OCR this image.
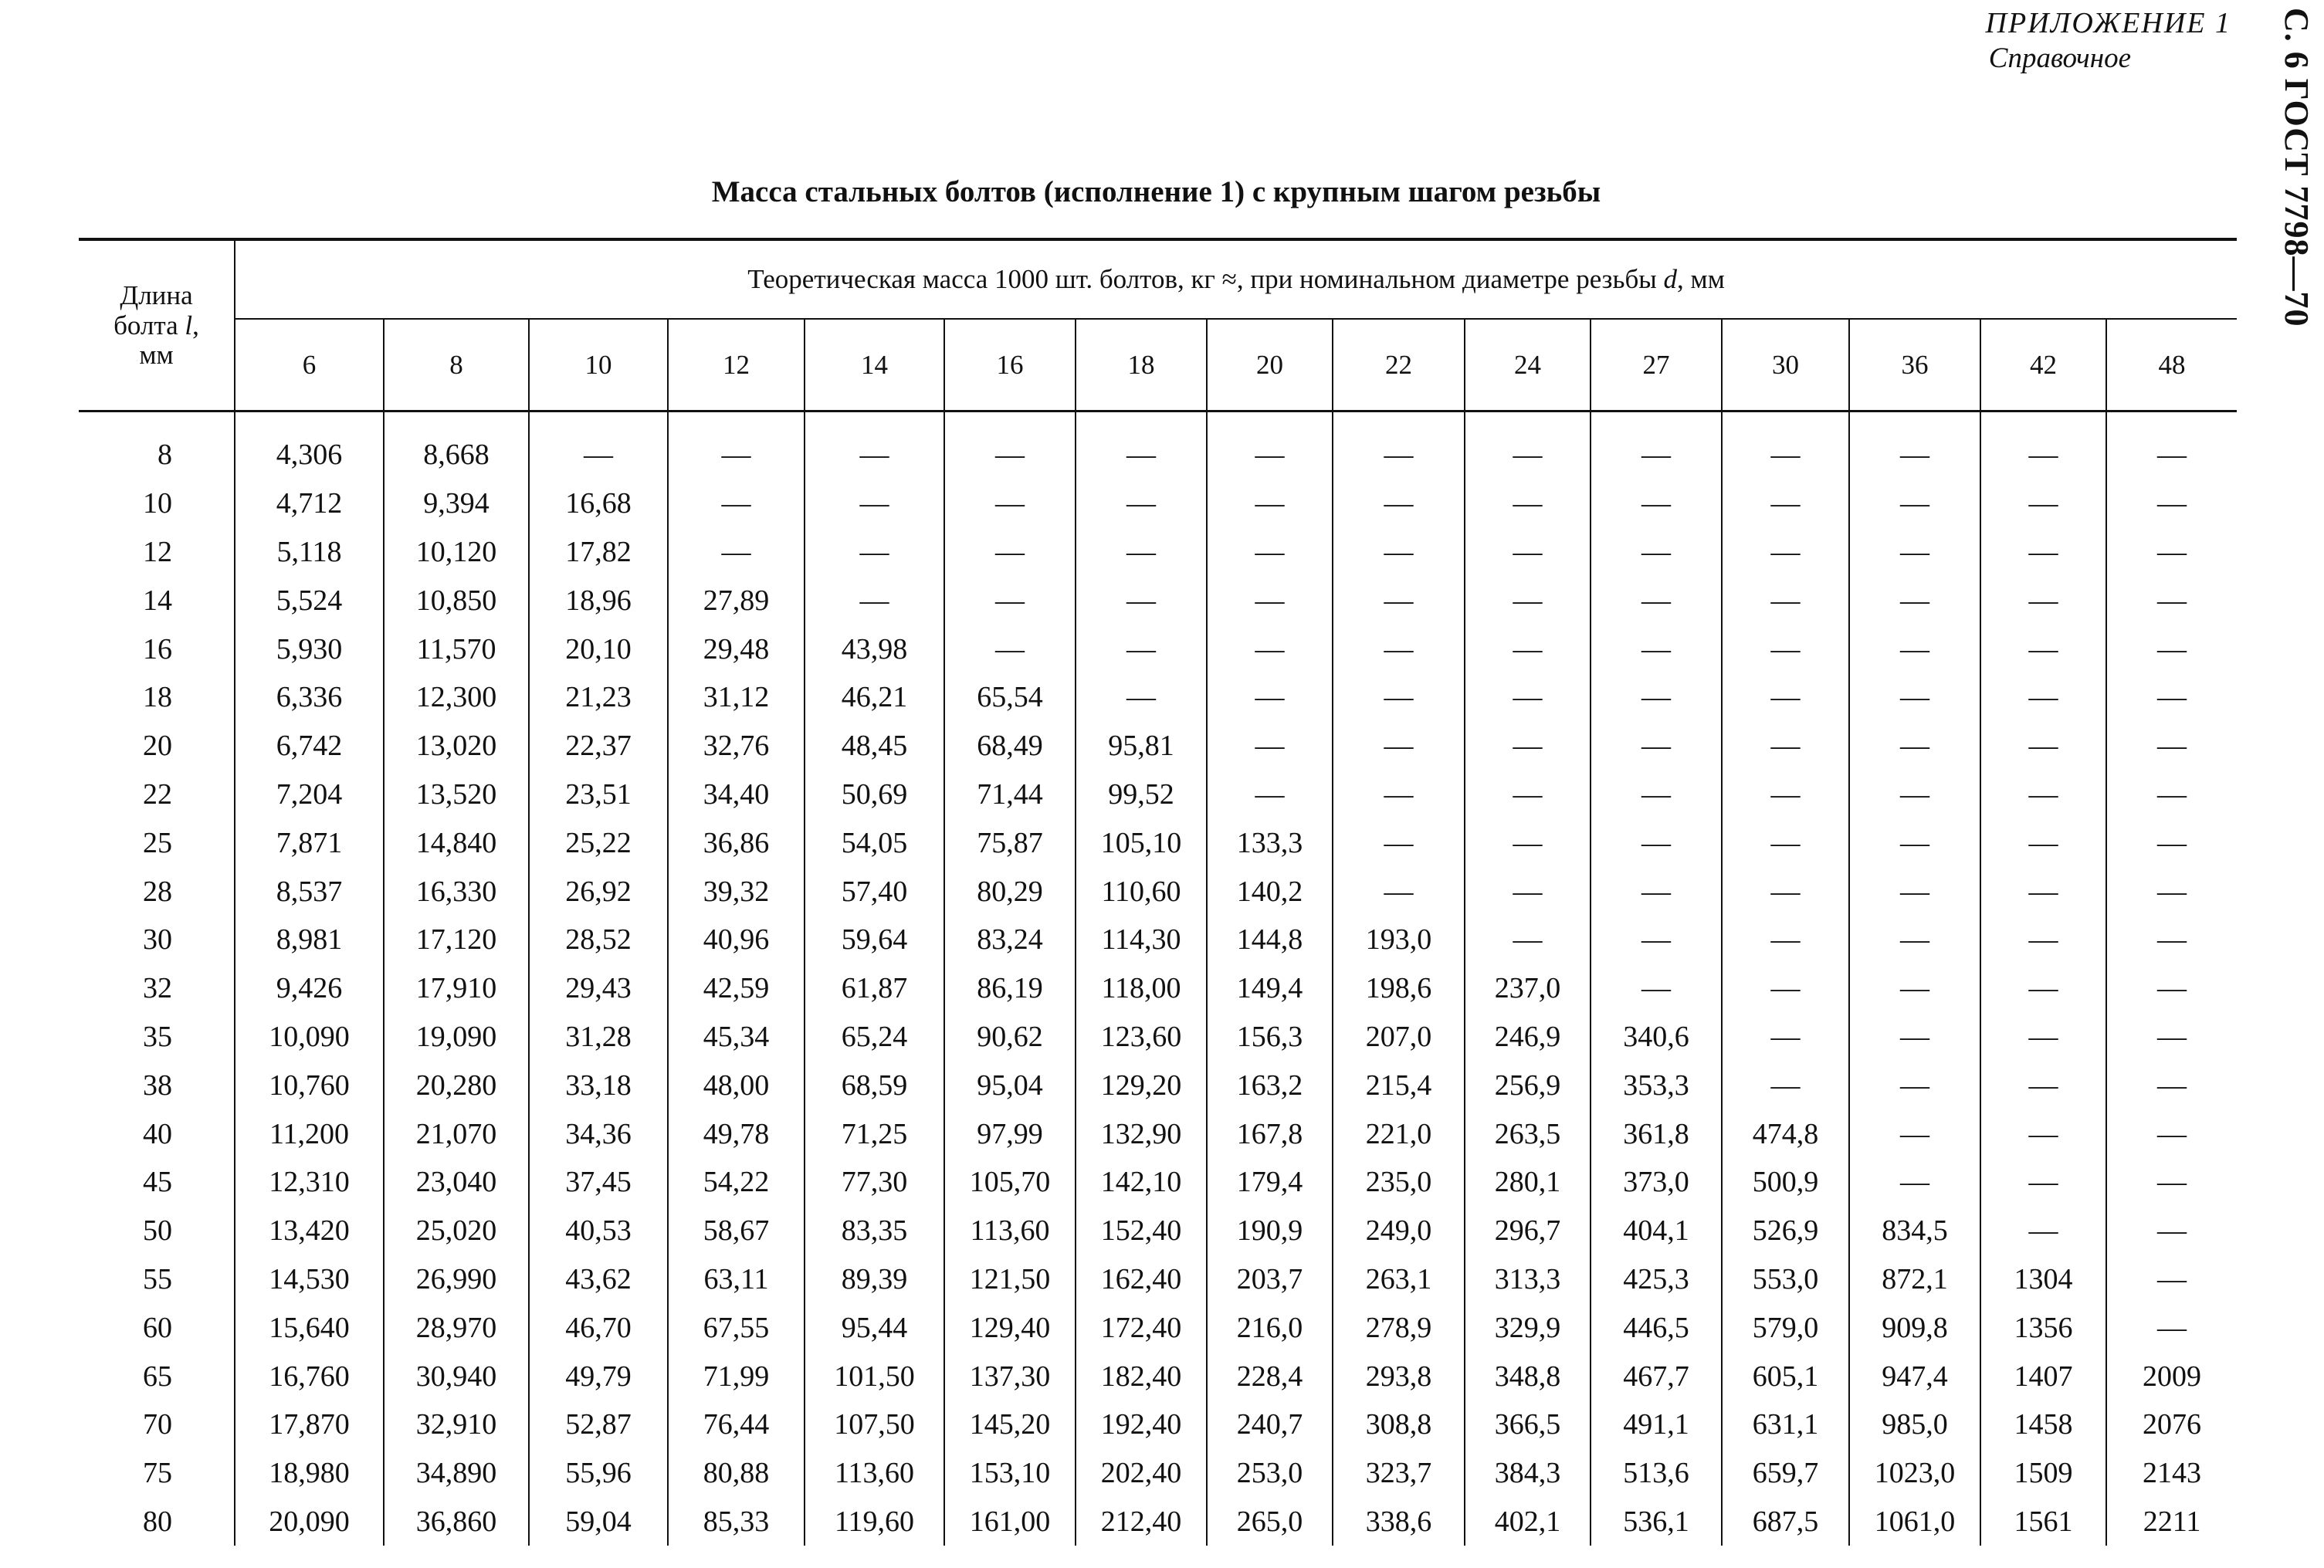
ПРИЛОЖЕНИЕ 1
Справочное	С. 6 ГОСТ 7798—70
Масса стальных болтов (исполнение 1) с крупным шагом резьбы
Длина
болта l,
мм	Теоретическая масса 1000 шт. болтов, кг ≈, при номинальном диаметре резьбы d, мм														
	6	8	10	12	14	16	18	20	22	24	27	30	36	42	48

8	4,306	8,668	—	—	—	—	—	—	—	—	—	—	—	—	—
10	4,712	9,394	16,68	—	—	—	—	—	—	—	—	—	—	—	—
12	5,118	10,120	17,82	—	—	—	—	—	—	—	—	—	—	—	—
14	5,524	10,850	18,96	27,89	—	—	—	—	—	—	—	—	—	—	—
16	5,930	11,570	20,10	29,48	43,98	—	—	—	—	—	—	—	—	—	—
18	6,336	12,300	21,23	31,12	46,21	65,54	—	—	—	—	—	—	—	—	—
20	6,742	13,020	22,37	32,76	48,45	68,49	95,81	—	—	—	—	—	—	—	—
22	7,204	13,520	23,51	34,40	50,69	71,44	99,52	—	—	—	—	—	—	—	—
25	7,871	14,840	25,22	36,86	54,05	75,87	105,10	133,3	—	—	—	—	—	—	—
28	8,537	16,330	26,92	39,32	57,40	80,29	110,60	140,2	—	—	—	—	—	—	—
30	8,981	17,120	28,52	40,96	59,64	83,24	114,30	144,8	193,0	—	—	—	—	—	—
32	9,426	17,910	29,43	42,59	61,87	86,19	118,00	149,4	198,6	237,0	—	—	—	—	—
35	10,090	19,090	31,28	45,34	65,24	90,62	123,60	156,3	207,0	246,9	340,6	—	—	—	—
38	10,760	20,280	33,18	48,00	68,59	95,04	129,20	163,2	215,4	256,9	353,3	—	—	—	—
40	11,200	21,070	34,36	49,78	71,25	97,99	132,90	167,8	221,0	263,5	361,8	474,8	—	—	—
45	12,310	23,040	37,45	54,22	77,30	105,70	142,10	179,4	235,0	280,1	373,0	500,9	—	—	—
50	13,420	25,020	40,53	58,67	83,35	113,60	152,40	190,9	249,0	296,7	404,1	526,9	834,5	—	—
55	14,530	26,990	43,62	63,11	89,39	121,50	162,40	203,7	263,1	313,3	425,3	553,0	872,1	1304	—
60	15,640	28,970	46,70	67,55	95,44	129,40	172,40	216,0	278,9	329,9	446,5	579,0	909,8	1356	—
65	16,760	30,940	49,79	71,99	101,50	137,30	182,40	228,4	293,8	348,8	467,7	605,1	947,4	1407	2009
70	17,870	32,910	52,87	76,44	107,50	145,20	192,40	240,7	308,8	366,5	491,1	631,1	985,0	1458	2076
75	18,980	34,890	55,96	80,88	113,60	153,10	202,40	253,0	323,7	384,3	513,6	659,7	1023,0	1509	2143
80	20,090	36,860	59,04	85,33	119,60	161,00	212,40	265,0	338,6	402,1	536,1	687,5	1061,0	1561	2211
